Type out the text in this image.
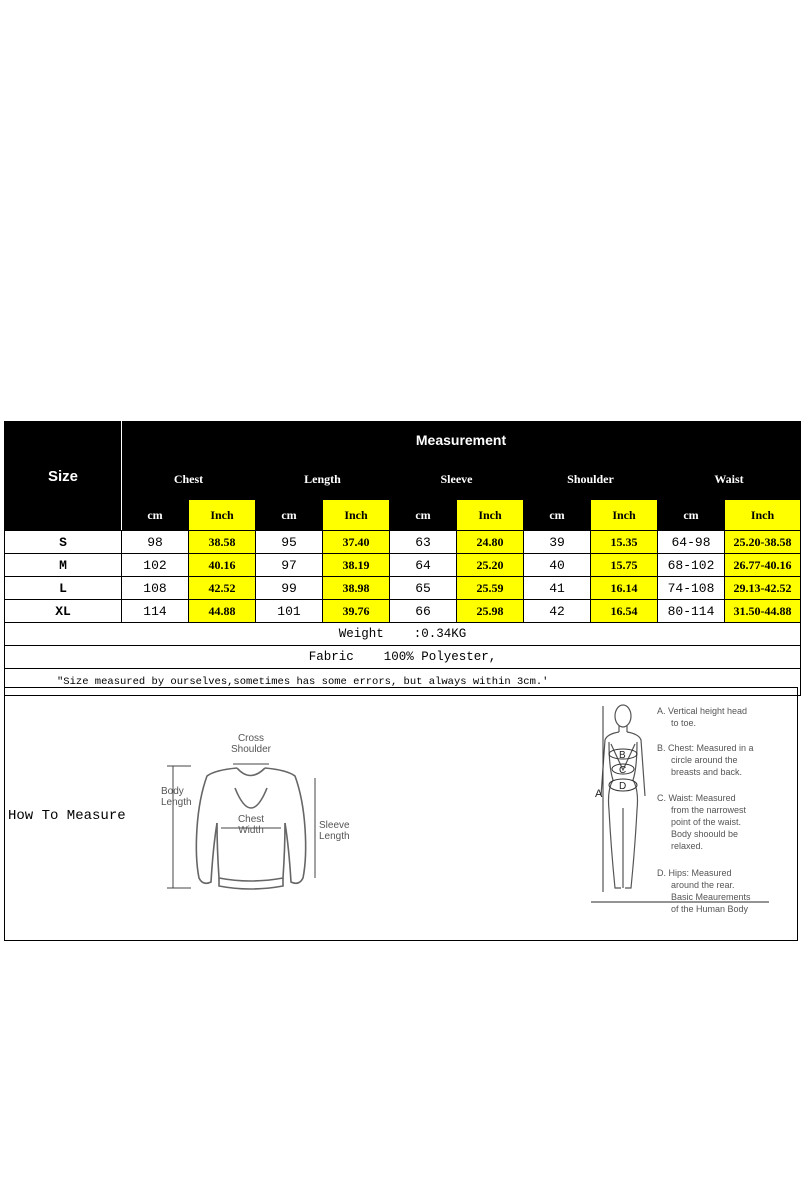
Size	Measurement									
	Chest		Length		Sleeve		Shoulder		Waist	
	cm	Inch	cm	Inch	cm	Inch	cm	Inch	cm	Inch
S	98	38.58	95	37.40	63	24.80	39	15.35	64-98	25.20-38.58
M	102	40.16	97	38.19	64	25.20	40	15.75	68-102	26.77-40.16
L	108	42.52	99	38.98	65	25.59	41	16.14	74-108	29.13-42.52
XL	114	44.88	101	39.76	66	25.98	42	16.54	80-114	31.50-44.88
Weight :0.34KG										
Fabric 100% Polyester,										
"Size measured by ourselves,sometimes has some errors, but always within 3cm.'										
How To Measure
Cross
Shoulder
Body
Length
Chest
Width	Sleeve
Length
A
B
C
D
A. Vertical height head
to toe.
B. Chest: Measured in a
circle around the
breasts and back.
C. Waist: Measured
from the narrowest
point of the waist.
Body shoould be
relaxed.
D. Hips: Measured
around the rear.
Basic Meaurements
of the Human Body
